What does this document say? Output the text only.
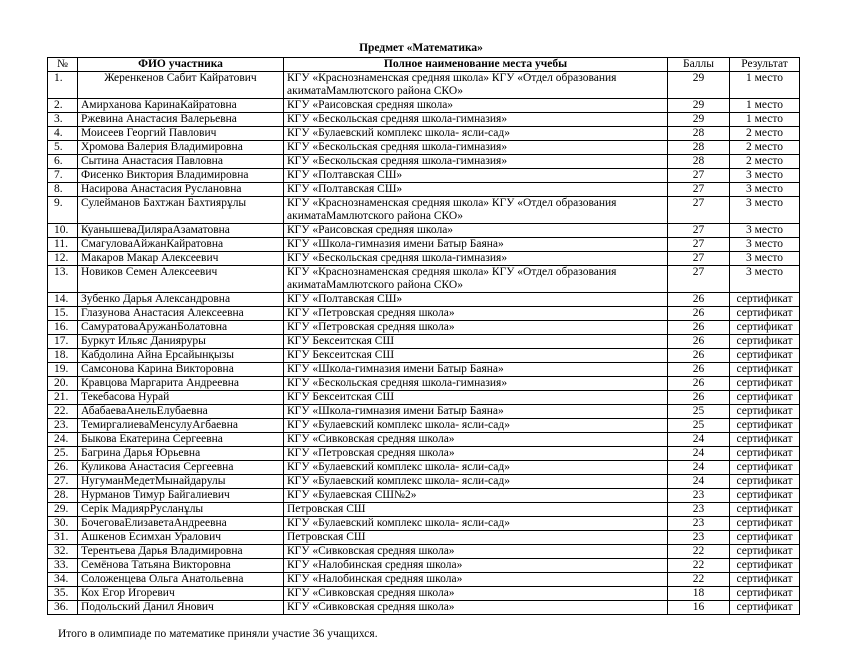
Предмет «Математика»
№	ФИО участника	Полное наименование места учебы	Баллы	Результат
1.	Жеренкенов Сабит Кайратович	КГУ «Краснознаменская средняя школа» КГУ «Отдел образования акиматаМамлютского района СКО»	29	1 место
2.	Амирханова КаринаКайратовна	КГУ «Раисовская средняя школа»	29	1 место
3.	Ржевина Анастасия Валерьевна	КГУ «Бескольская средняя школа-гимназия»	29	1 место
4.	Моисеев Георгий Павлович	КГУ «Булаевский комплекс школа- ясли-сад»	28	2 место
5.	Хромова Валерия Владимировна	КГУ «Бескольская средняя школа-гимназия»	28	2 место
6.	Сытина Анастасия Павловна	КГУ «Бескольская средняя школа-гимназия»	28	2 место
7.	Фисенко Виктория Владимировна	КГУ «Полтавская СШ»	27	3 место
8.	Насирова Анастасия Руслановна	КГУ «Полтавская СШ»	27	3 место
9.	Сулейманов Бахтжан Бахтиярұлы	КГУ «Краснознаменская средняя школа» КГУ «Отдел образования акиматаМамлютского района СКО»	27	3 место
10.	КуанышеваДиляраАзаматовна	КГУ «Раисовская средняя школа»	27	3 место
11.	СмагуловаАйжанКайратовна	КГУ «Школа-гимназия имени Батыр Баяна»	27	3 место
12.	Макаров Макар Алексеевич	КГУ «Бескольская средняя школа-гимназия»	27	3 место
13.	Новиков Семен Алексеевич	КГУ «Краснознаменская средняя школа» КГУ «Отдел образования акиматаМамлютского района СКО»	27	3 место
14.	Зубенко Дарья Александровна	КГУ «Полтавская СШ»	26	сертификат
15.	Глазунова Анастасия Алексеевна	КГУ «Петровская средняя школа»	26	сертификат
16.	СамуратоваАружанБолатовна	КГУ «Петровская средняя школа»	26	сертификат
17.	Буркут Ильяс Данияруры	КГУ Бексеитская СШ	26	сертификат
18.	Кабдолина Айна Ерсайынқызы	КГУ Бексеитская СШ	26	сертификат
19.	Самсонова Карина Викторовна	КГУ «Школа-гимназия имени Батыр Баяна»	26	сертификат
20.	Кравцова Маргарита Андреевна	КГУ «Бескольская средняя школа-гимназия»	26	сертификат
21.	Текебасова Нурай	КГУ Бексеитская СШ	26	сертификат
22.	АбабаеваАнельЕлубаевна	КГУ «Школа-гимназия имени Батыр Баяна»	25	сертификат
23.	ТемиргалиеваМенсулуАгбаевна	КГУ «Булаевский комплекс школа- ясли-сад»	25	сертификат
24.	Быкова Екатерина Сергеевна	КГУ «Сивковская средняя школа»	24	сертификат
25.	Багрина Дарья Юрьевна	КГУ «Петровская средняя школа»	24	сертификат
26.	Куликова Анастасия Сергеевна	КГУ «Булаевский комплекс школа- ясли-сад»	24	сертификат
27.	НугуманМедетМынайдарулы	КГУ «Булаевский комплекс школа- ясли-сад»	24	сертификат
28.	Нурманов Тимур Байгалиевич	КГУ «Булаевская СШ№2»	23	сертификат
29.	Серік МадиярРусланұлы	Петровская СШ	23	сертификат
30.	БочеговаЕлизаветаАндреевна	КГУ «Булаевский комплекс школа- ясли-сад»	23	сертификат
31.	Ашкенов Есимхан Уралович	Петровская СШ	23	сертификат
32.	Терентьева Дарья Владимировна	КГУ «Сивковская средняя школа»	22	сертификат
33.	Семёнова Татьяна Викторовна	КГУ «Налобинская средняя школа»	22	сертификат
34.	Соложенцева Ольга Анатольевна	КГУ «Налобинская средняя школа»	22	сертификат
35.	Кох Егор Игоревич	КГУ «Сивковская средняя школа»	18	сертификат
36.	Подольский Данил Янович	КГУ «Сивковская средняя школа»	16	сертификат
Итого в олимпиаде по математике приняли участие 36 учащихся.
